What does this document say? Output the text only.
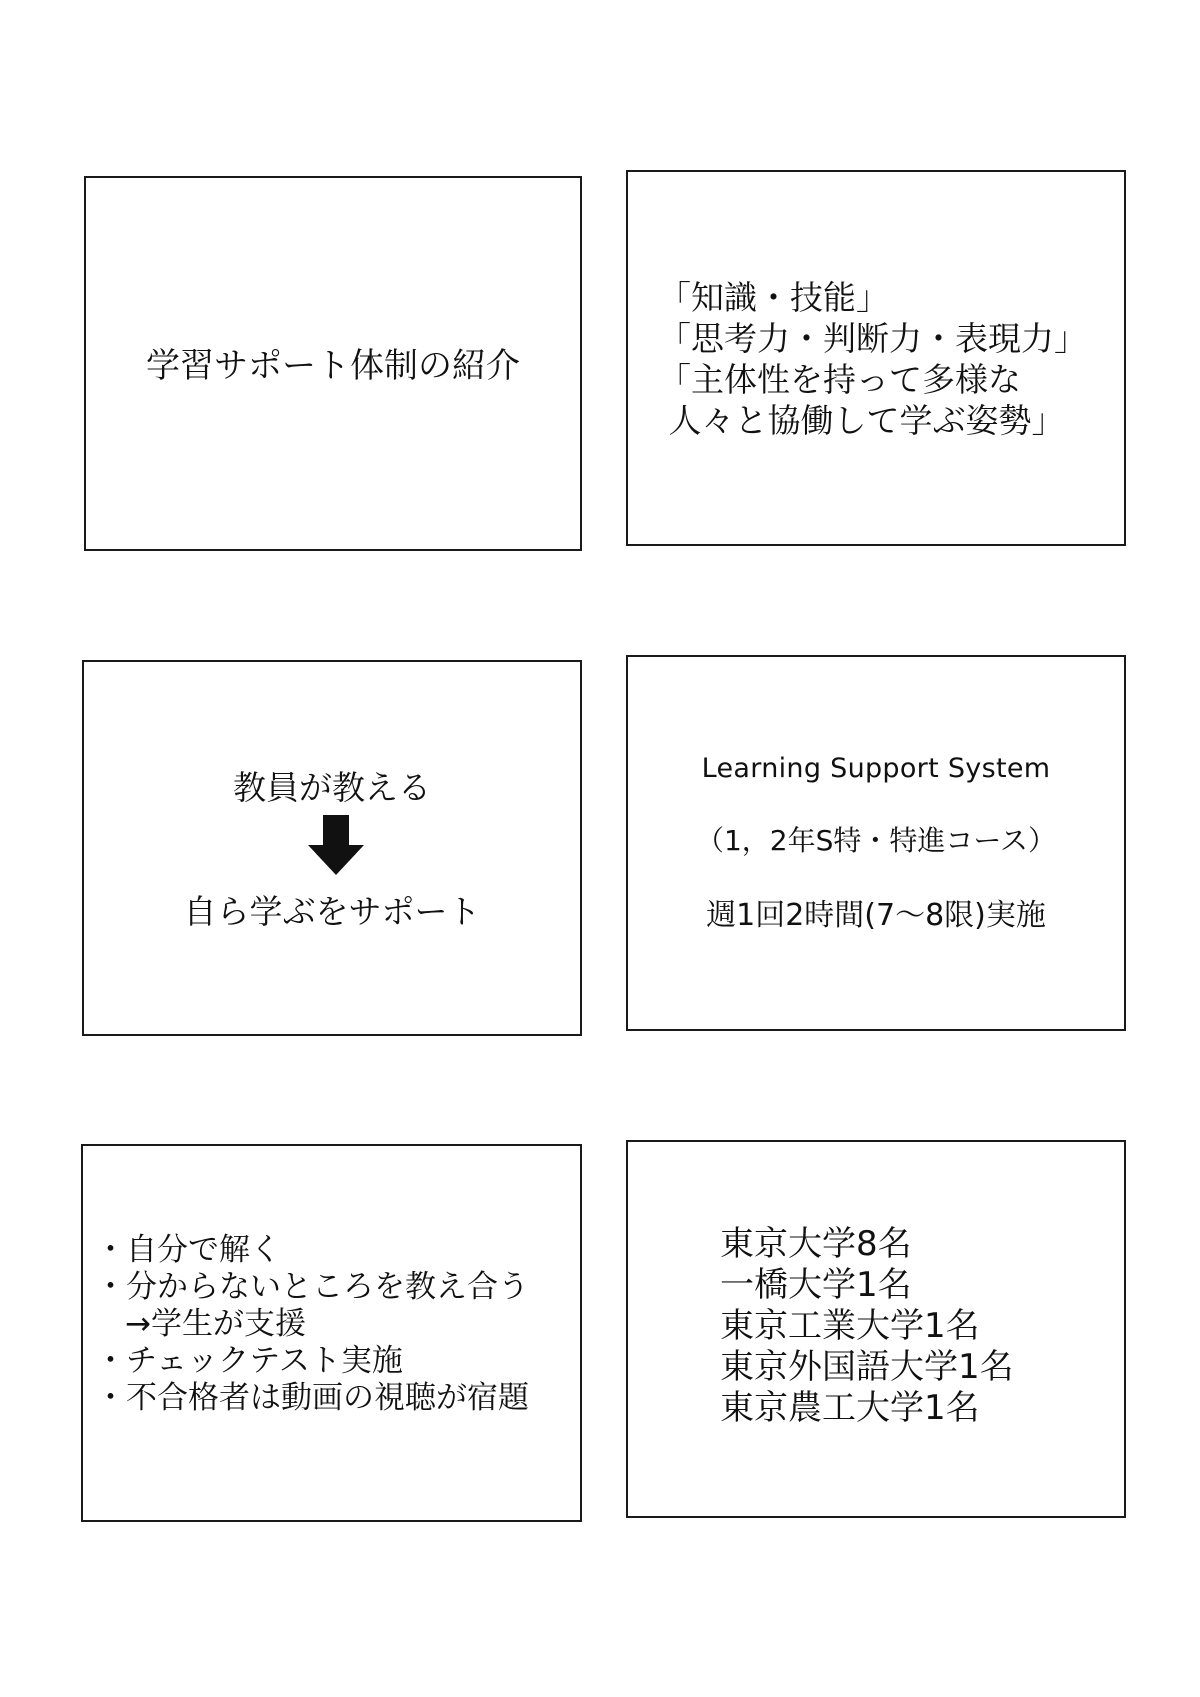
学習サポート体制の紹介
「知識・技能」
「思考力・判断力・表現力」
「主体性を持って多様な
人々と協働して学ぶ姿勢」
教員が教える
自ら学ぶをサポート
Learning Support System
（1，2年S特・特進コース）
週1回2時間(7～8限)実施
・自分で解く
・分からないところを教え合う
→学生が支援
・チェックテスト実施
・不合格者は動画の視聴が宿題
東京大学8名
一橋大学1名
東京工業大学1名
東京外国語大学1名
東京農工大学1名
